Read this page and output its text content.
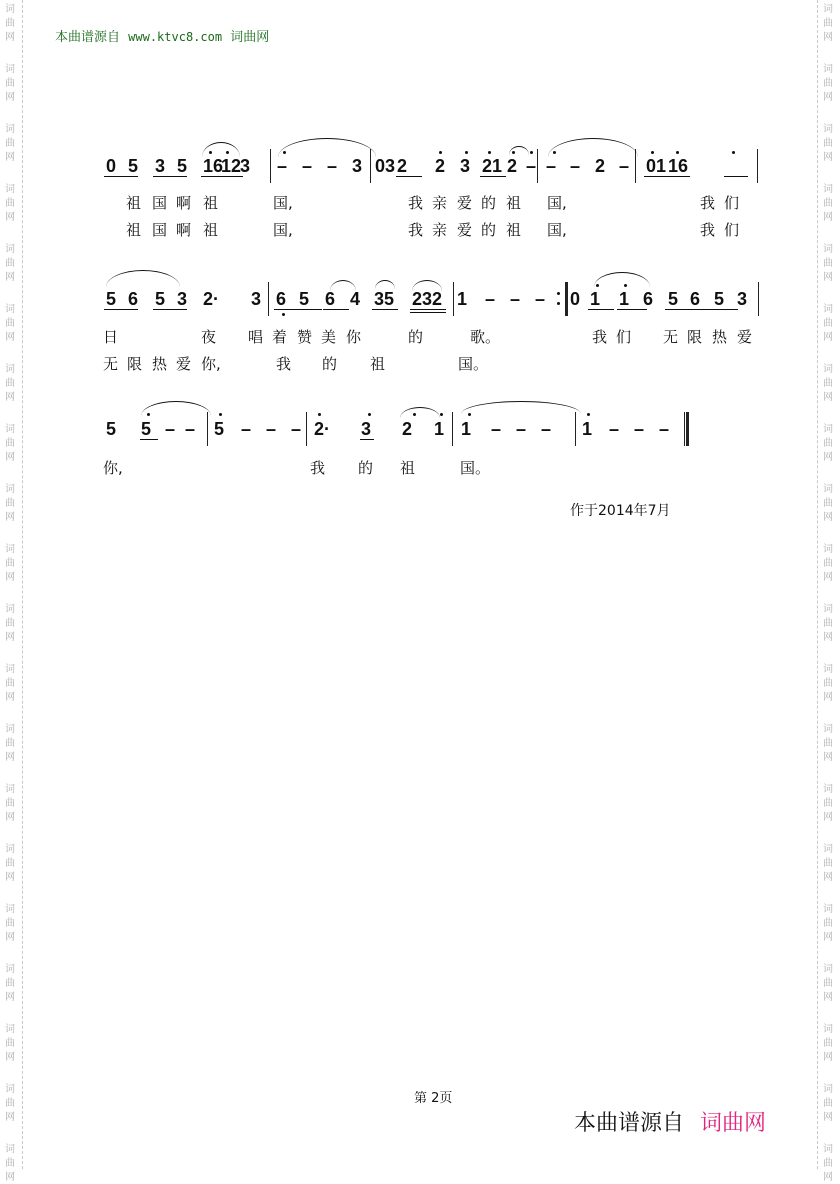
词
曲
网
词
曲
网
词
曲
网
词
曲
网
词
曲
网
词
曲
网
词
曲
网
词
曲
网
词
曲
网
词
曲
网
词
曲
网
词
曲
网
词
曲
网
词
曲
网
词
曲
网
词
曲
网
词
曲
网
词
曲
网
词
曲
网
词
曲
网
词
曲
网
词
曲
网
词
曲
网
词
曲
网
词
曲
网
词
曲
网
词
曲
网
词
曲
网
词
曲
网
词
曲
网
词
曲
网
词
曲
网
词
曲
网
词
曲
网
词
曲
网
词
曲
网
词
曲
网
词
曲
网
词
曲
网
词
曲
网
本曲谱源自 www.ktvc8.com 词曲网
0 5 3 5 16
12
3 – – – 3 03 2 2 3 21 2 – – – 2 – 01 16
祖 国 啊 祖	国,	我 亲 爱 的 祖 国,	我 们
祖 国 啊 祖	国,	我 亲 爱 的 祖 国,	我 们
5 6 5 3 2· 3 6 5 6 4 35 232 1 – – – 0 1 1 6 5 6 5 3
日	夜 唱 着 赞 美 你	的	歌。	我 们 无 限 热 爱
无 限 热 爱 你,	我 的 祖	国。
5 5 – – 5 – – – 2· 3 2 1 1 – – – 1 – – –
你,	我 的 祖	国。
作于2014年7月
第 2页
本曲谱源自 词曲网
